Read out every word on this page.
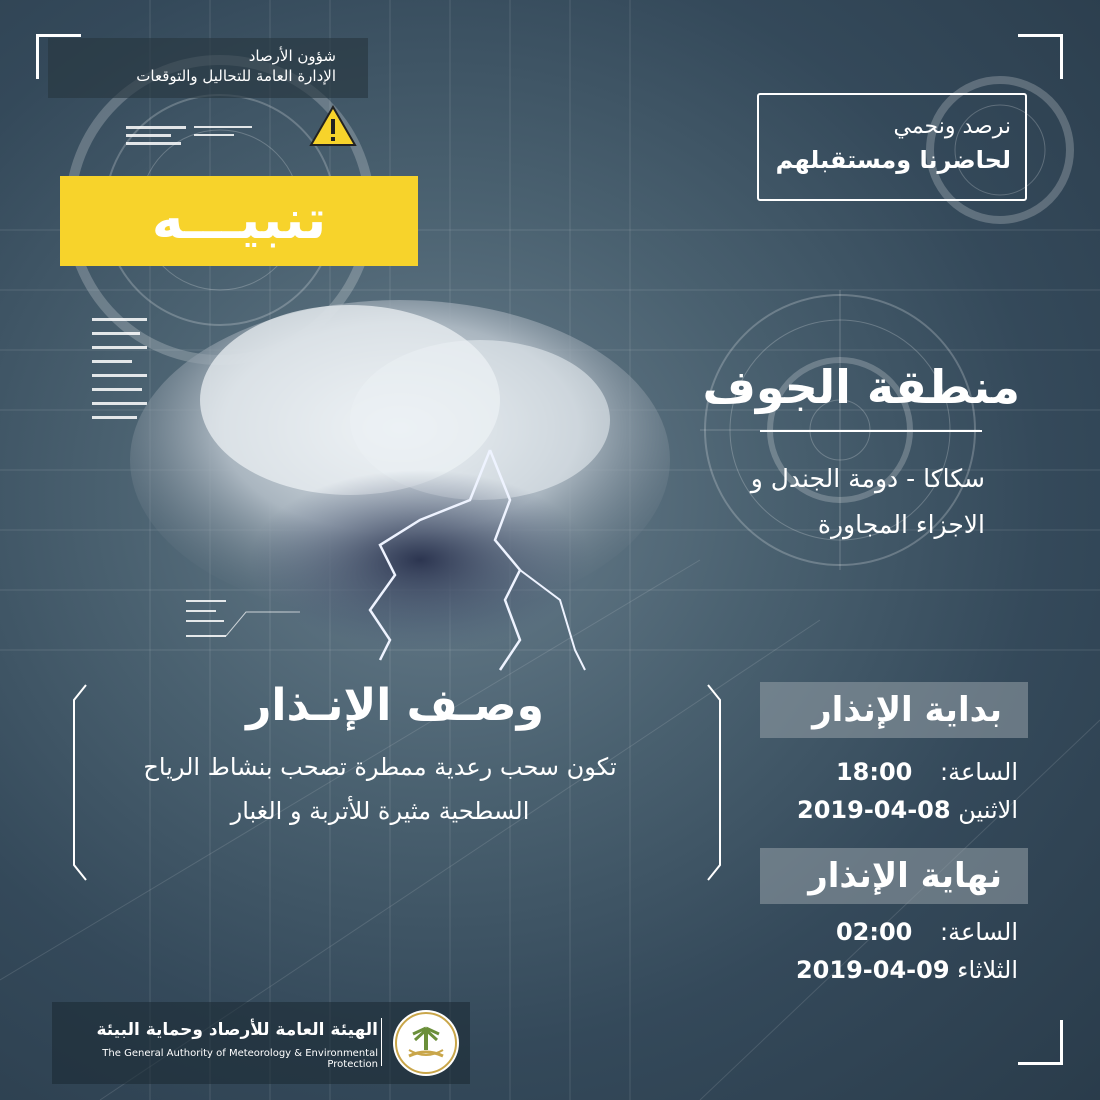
شؤون الأرصاد
الإدارة العامة للتحاليل والتوقعات
نرصد ونحمي
لحاضرنا ومستقبلهم
تنبيـــه
منطقة الجوف
سكاكا - دومة الجندل و
الاجزاء المجاورة
وصـف الإنـذار
تكون سحب رعدية ممطرة تصحب بنشاط الرياح
السطحية مثيرة للأتربة و الغبار
بداية الإنذار
الساعة: 18:00
الاثنين 08-04-2019
نهاية الإنذار
الساعة: 02:00
الثلاثاء 09-04-2019
الهيئة العامة للأرصاد وحماية البيئة
The General Authority of Meteorology & Environmental Protection
